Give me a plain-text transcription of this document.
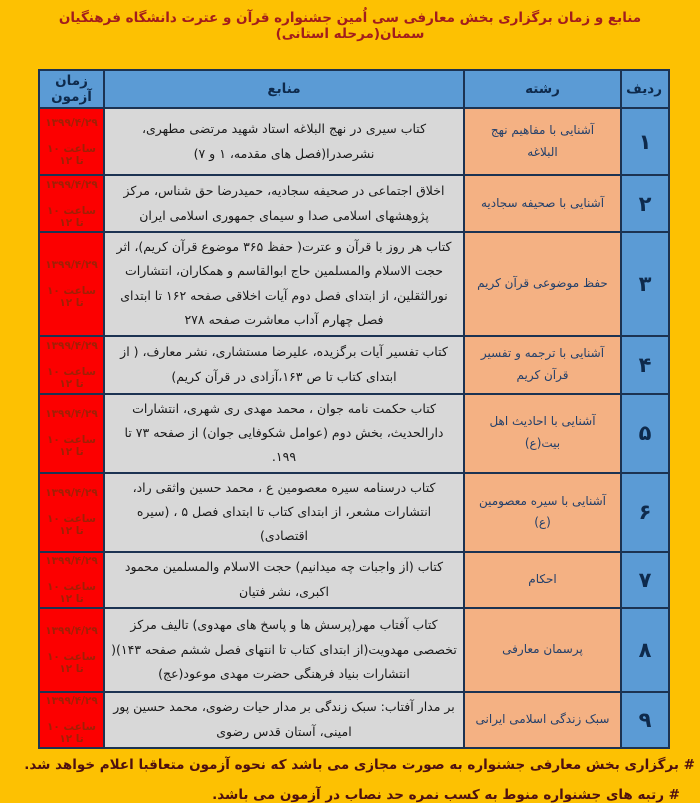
منابع و زمان برگزاری بخش معارفی سی اُمین جشنواره قرآن و عترت دانشگاه فرهنگیان سمنان(مرحله استانی)
ردیف	رشته	منابع	زمان آزمون
۱	آشنایی با مفاهیم نهج البلاغه	کتاب سیری در نهج البلاغه استاد شهید مرتضی مطهری، نشرصدرا(فصل های مقدمه، ۱ و ۷)	۱۳۹۹/۴/۲۹
ساعت ۱۰ تا ۱۲

۲	آشنایی با صحیفه سجادیه	اخلاق اجتماعی در صحیفه سجادیه، حمیدرضا حق شناس، مرکز پژوهشهای اسلامی صدا و سیمای جمهوری اسلامی ایران	۱۳۹۹/۴/۲۹
ساعت ۱۰ تا ۱۲

۳	حفظ موضوعی قرآن کریم	کتاب هر روز با قرآن و عترت( حفظ ۳۶۵ موضوع قرآن کریم)، اثر حجت الاسلام والمسلمین حاج ابوالقاسم و همکاران، انتشارات نورالثقلین، از ابتدای فصل دوم آیات اخلاقی صفحه ۱۶۲ تا ابتدای فصل چهارم آداب معاشرت صفحه ۲۷۸	۱۳۹۹/۴/۲۹
ساعت ۱۰ تا ۱۲

۴	آشنایی با ترجمه و تفسیر قرآن کریم	کتاب تفسیر آیات برگزیده، علیرضا مستشاری، نشر معارف، ( از ابتدای کتاب تا ص ۱۶۳،آزادی در قرآن کریم)	۱۳۹۹/۴/۲۹
ساعت ۱۰ تا ۱۲

۵	آشنایی با احادیث اهل بیت(ع)	کتاب حکمت نامه جوان ، محمد مهدی ری شهری، انتشارات دارالحدیث، بخش دوم (عوامل شکوفایی جوان) از صفحه ۷۳ تا ۱۹۹.	۱۳۹۹/۴/۲۹
ساعت ۱۰ تا ۱۲

۶	آشنایی با سیره معصومین (ع)	کتاب درسنامه سیره معصومین ع ، محمد حسین واثقی راد، انتشارات مشعر، از ابتدای کتاب تا ابتدای فصل ۵ ، (سیره اقتصادی)	۱۳۹۹/۴/۲۹
ساعت ۱۰ تا ۱۲

۷	احکام	کتاب (از واجبات چه میدانیم) حجت الاسلام والمسلمین محمود اکبری، نشر فتیان	۱۳۹۹/۴/۲۹
ساعت ۱۰ تا ۱۲

۸	پرسمان معارفی	کتاب آفتاب مهر(پرسش ها و پاسخ های مهدوی) تالیف مرکز تخصصی مهدویت(از ابتدای کتاب تا انتهای فصل ششم صفحه ۱۴۳)( انتشارات بنیاد فرهنگی حضرت مهدی موعود(عج)	۱۳۹۹/۴/۲۹
ساعت ۱۰ تا ۱۲

۹	سبک زندگی اسلامی ایرانی	بر مدار آفتاب: سبک زندگی بر مدار حیات رضوی، محمد حسین پور امینی، آستان قدس رضوی	۱۳۹۹/۴/۲۹
ساعت ۱۰ تا ۱۲
# برگزاری بخش معارفی جشنواره به صورت مجازی می باشد که نحوه آزمون متعاقبا اعلام خواهد شد.
# رتبه های جشنواره منوط به کسب نمره حد نصاب در آزمون می باشد.
